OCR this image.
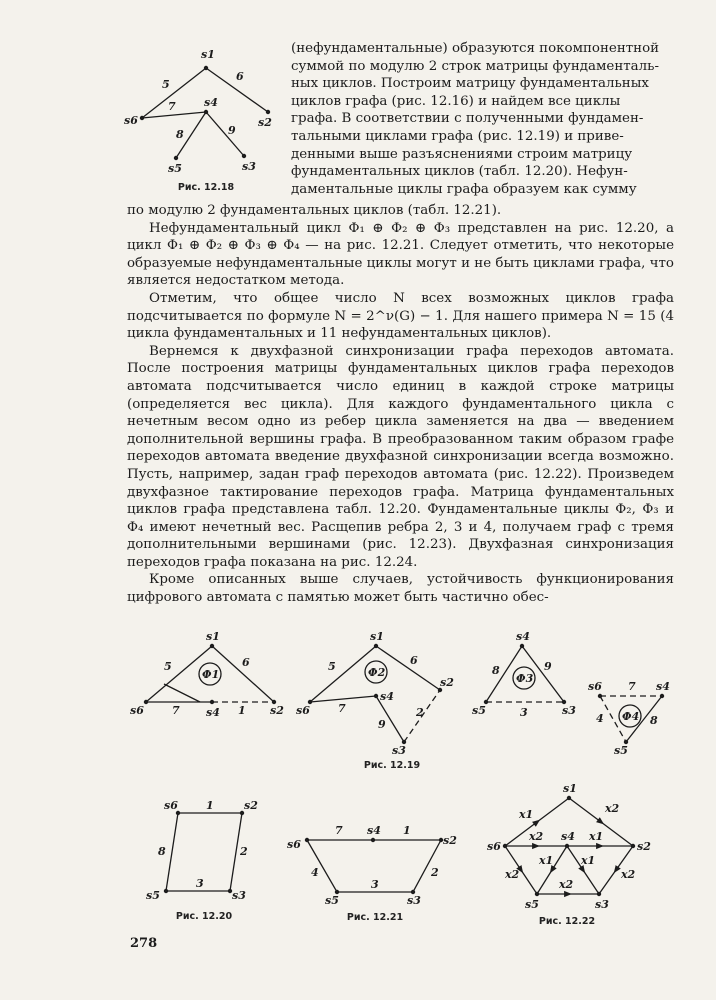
s1
s6	s2
s4
s5	s3
5
6
7
8	9
Рис. 12.18

(нефундаментальные) образуются покомпонентной

суммой по модулю 2 строк матрицы фундаменталь-

ных циклов. Построим матрицу фундаментальных

циклов графа (рис. 12.16) и найдем все циклы

графа. В соответствии с полученными фундамен-

тальными циклами графа (рис. 12.19) и приве-

денными выше разъяснениями строим матрицу

фундаментальных циклов (табл. 12.20). Нефун-

даментальные циклы графа образуем как сумму

по модулю 2 фундаментальных циклов (табл. 12.21).

Нефундаментальный цикл Φ₁ ⊕ Φ₂ ⊕ Φ₃ представлен на рис. 12.20, а цикл Φ₁ ⊕ Φ₂ ⊕ Φ₃ ⊕ Φ₄ — на рис. 12.21. Следует отметить, что некоторые образуемые нефундаментальные циклы могут и не быть циклами графа, что является недостатком метода.

Отметим, что общее число N всех возможных циклов графа подсчитывается по формуле N = 2^ν(G) − 1. Для нашего примера N = 15 (4 цикла фундаментальных и 11 нефундаментальных циклов).

Вернемся к двухфазной синхронизации графа переходов автомата. После построения матрицы фундаментальных циклов графа переходов автомата подсчитывается число единиц в каждой строке матрицы (определяется вес цикла). Для каждого фундаментального цикла с нечетным весом одно из ребер цикла заменяется на два — введением дополнительной вершины графа. В преобразованном таким образом графе переходов автомата введение двухфазной синхронизации всегда возможно. Пусть, например, задан граф переходов автомата (рис. 12.22). Произведем двухфазное тактирование переходов графа. Матрица фундаментальных циклов графа представлена табл. 12.20. Фундаментальные циклы Φ₂, Φ₃ и Φ₄ имеют нечетный вес. Расщепив ребра 2, 3 и 4, получаем граф с тремя дополнительными вершинами (рис. 12.23). Двухфазная синхронизация переходов графа показана на рис. 12.24.

Кроме описанных выше случаев, устойчивость функционирования цифрового автомата с памятью может быть частично обес-

s1
s6	s4	s2
5	6
7	1
Φ1
s1
s6
s4
s2
s3
5	6
7
9
2
Φ2
s4
s5	s3
8	9
3
Φ3
s6	s4
s5
7
4	8
Φ4
Рис. 12.19
s6	s2
s5	s3
1
8	2
3
Рис. 12.20
s6
s4
s2
s5	s3
7	1
4
3
2
Рис. 12.21
s1
s6
s4
s2
s5	s3
x1	x2
x2	x1
x2
x1	x1
x2
x2
Рис. 12.22
278
